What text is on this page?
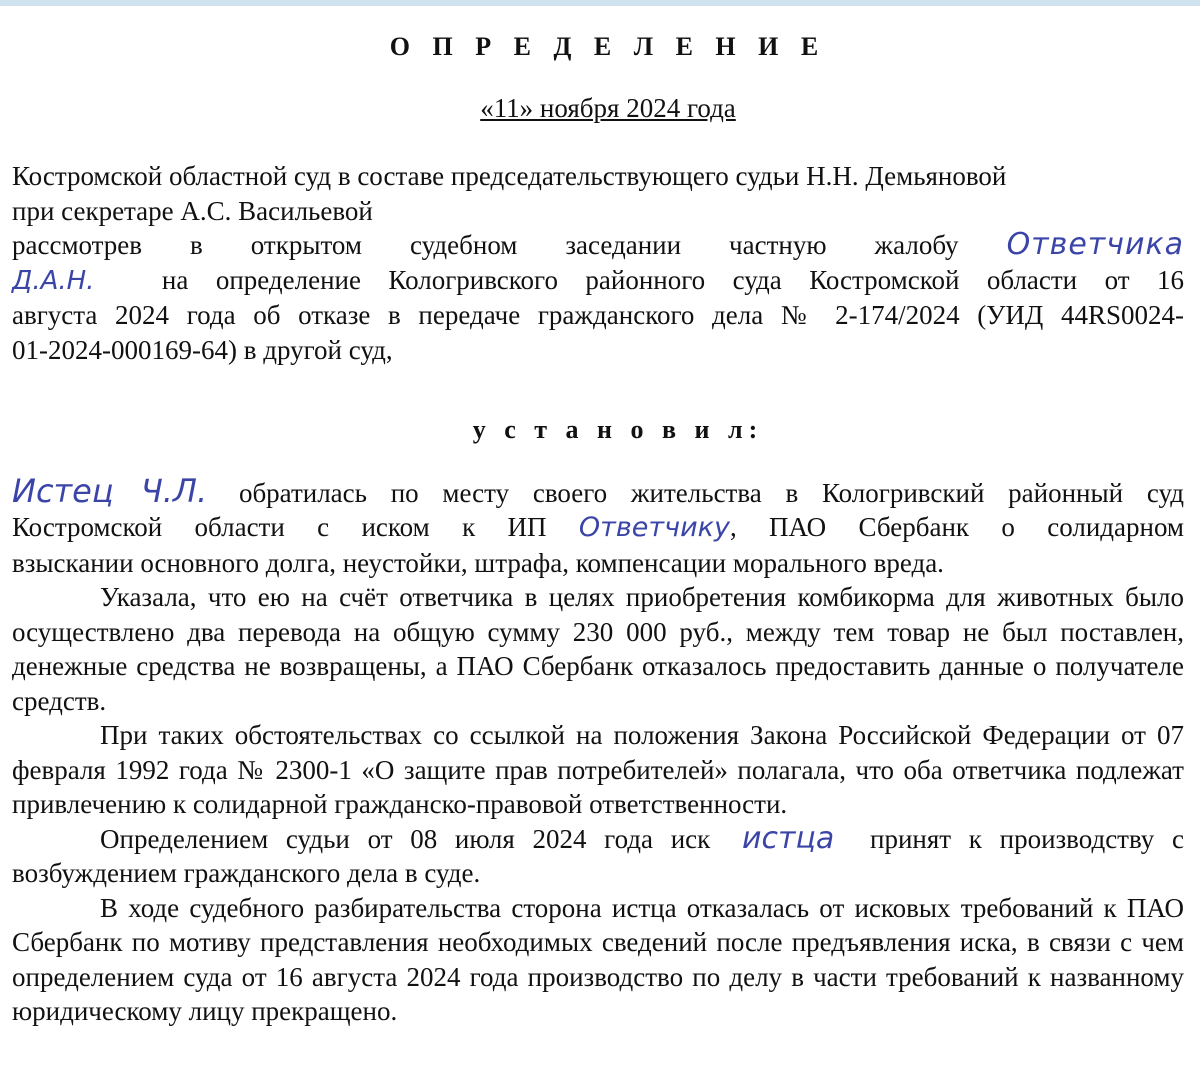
О П Р Е Д Е Л Е Н И Е
«11» ноября 2024 года
Костромской областной суд в составе председательствующего судьи Н.Н. Демьяновой
при секретаре А.С. Васильевой
рассмотрев в открытом судебном заседании частную жалобу Ответчика
Д.А.Н. на определение Кологривского районного суда Костромской области от 16
августа 2024 года об отказе в передаче гражданского дела № 2-174/2024 (УИД 44RS0024-
01-2024-000169-64) в другой суд,
у с т а н о в и л:
Истец Ч.Л. обратилась по месту своего жительства в Кологривский районный суд
Костромской области с иском к ИП Ответчику, ПАО Сбербанк о солидарном
взыскании основного долга, неустойки, штрафа, компенсации морального вреда.

Указала, что ею на счёт ответчика в целях приобретения комбикорма для животных было осуществлено два перевода на общую сумму 230 000 руб., между тем товар не был поставлен, денежные средства не возвращены, а ПАО Сбербанк отказалось предоставить данные о получателе средств.

При таких обстоятельствах со ссылкой на положения Закона Российской Федерации от 07 февраля 1992 года № 2300-1 «О защите прав потребителей» полагала, что оба ответчика подлежат привлечению к солидарной гражданско-правовой ответственности.

Определением судьи от 08 июля 2024 года иск истца принят к производству с
возбуждением гражданского дела в суде.

В ходе судебного разбирательства сторона истца отказалась от исковых требований к ПАО Сбербанк по мотиву представления необходимых сведений после предъявления иска, в связи с чем определением суда от 16 августа 2024 года производство по делу в части требований к названному юридическому лицу прекращено.
